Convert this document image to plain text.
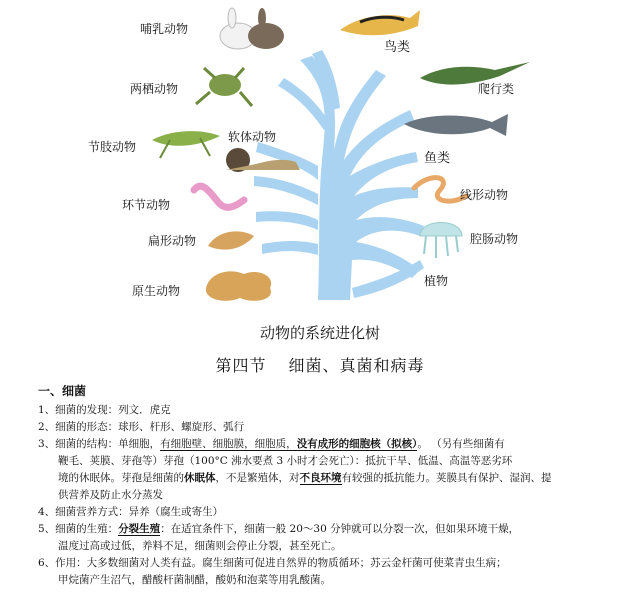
哺乳动物
鸟类
两栖动物	爬行类
软体动物
节肢动物
鱼类
环节动物
线形动物
扁形动物	腔肠动物
植物
原生动物
动物的系统进化树
第四节 细菌、真菌和病毒
一、细菌
1、细菌的发现：列文．虎克
2、细菌的形态：球形、杆形、螺旋形、弧行
3、细菌的结构：单细胞，有细胞壁、细胞膜，细胞质，没有成形的细胞核（拟核）。 （另有些细菌有
鞭毛、荚膜、芽孢等）芽孢（100°C 沸水要煮 3 小时才会死亡）：抵抗干旱、低温、高温等恶劣环
境的休眠体。芽孢是细菌的休眠体，不是繁殖体，对不良环境有较强的抵抗能力。荚膜具有保护、湿润、提
供营养及防止水分蒸发
4、细菌营养方式：异养（腐生或寄生）
5、细菌的生殖：分裂生殖：在适宜条件下，细菌一般 20～30 分钟就可以分裂一次，但如果环境干燥，
温度过高或过低，养料不足，细菌则会停止分裂，甚至死亡。
6、作用：大多数细菌对人类有益。腐生细菌可促进自然界的物质循环；苏云金杆菌可使菜青虫生病；
甲烷菌产生沼气，醋酸杆菌制醋，酸奶和泡菜等用乳酸菌。
